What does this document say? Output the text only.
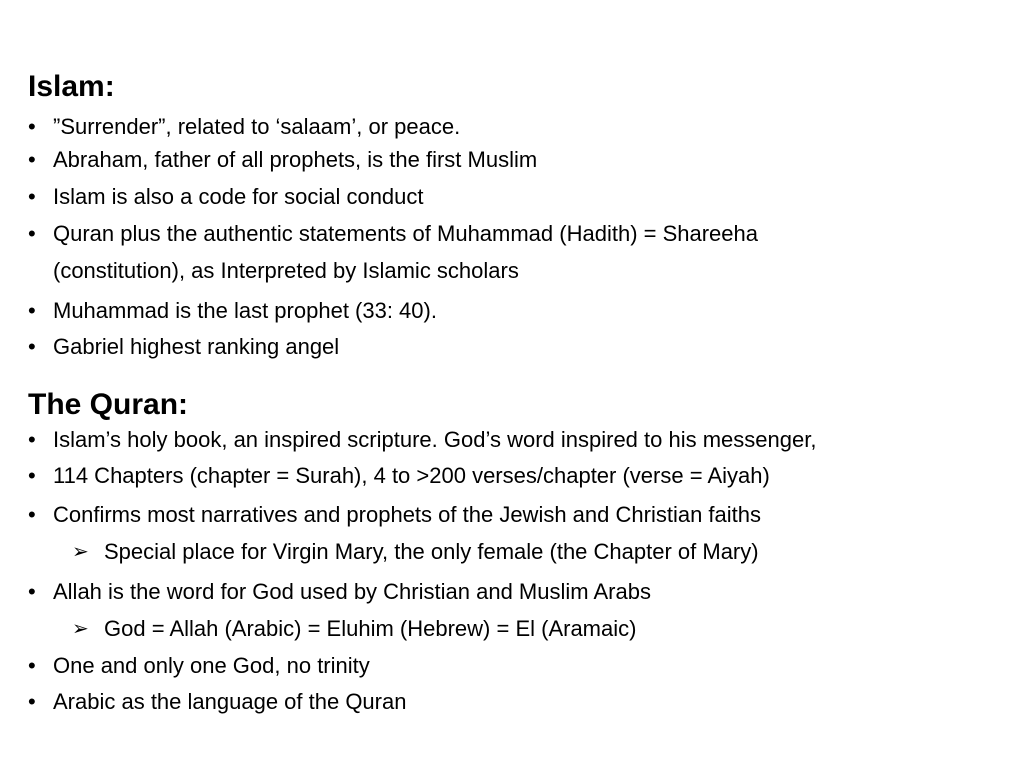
Islam:
• ”Surrender”, related to ‘salaam’, or peace.
• Abraham, father of all prophets, is the first Muslim
• Islam is also a code for social conduct
• Quran plus the authentic statements of Muhammad (Hadith) = Shareeha
(constitution), as Interpreted by Islamic scholars
• Muhammad is the last prophet (33: 40).
• Gabriel highest ranking angel
The Quran:
• Islam’s holy book, an inspired scripture. God’s word inspired to his messenger,
• 114 Chapters (chapter = Surah), 4 to >200 verses/chapter (verse = Aiyah)
• Confirms most narratives and prophets of the Jewish and Christian faiths
➢ Special place for Virgin Mary, the only female (the Chapter of Mary)
• Allah is the word for God used by Christian and Muslim Arabs
➢ God = Allah (Arabic) = Eluhim (Hebrew) = El (Aramaic)
• One and only one God, no trinity
• Arabic as the language of the Quran
